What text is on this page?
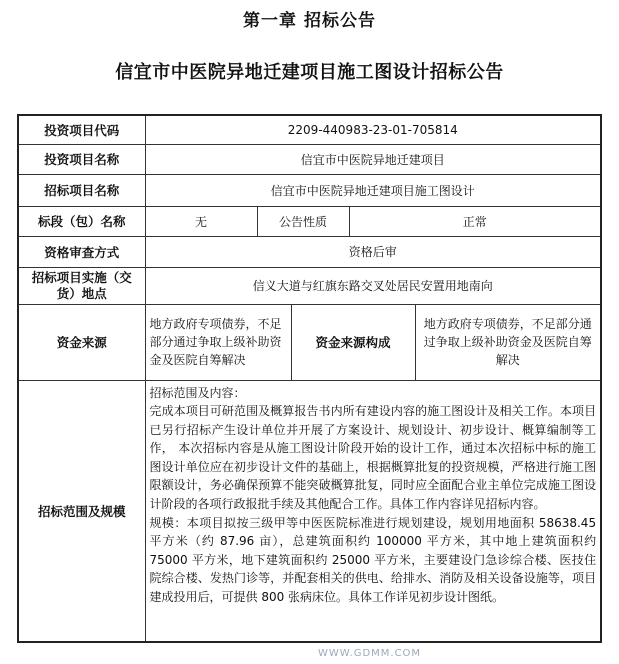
第一章 招标公告
信宜市中医院异地迁建项目施工图设计招标公告
投资项目代码	2209-440983-23-01-705814				
投资项目名称	信宜市中医院异地迁建项目				
招标项目名称	信宜市中医院异地迁建项目施工图设计				
标段（包）名称	无	公告性质		正常	
资格审查方式	资格后审				
招标项目实施（交货）地点	信义大道与红旗东路交叉处居民安置用地南向				
资金来源	地方政府专项债券，不足部分通过争取上级补助资金及医院自筹解决		资金来源构成		地方政府专项债券，不足部分通过争取上级补助资金及医院自筹解决
招标范围及规模	招标范围及内容：
完成本项目可研范围及概算报告书内所有建设内容的施工图设计及相关工作。本项目已另行招标产生设计单位并开展了方案设计、规划设计、初步设计、概算编制等工作， 本次招标内容是从施工图设计阶段开始的设计工作，通过本次招标中标的施工图设计单位应在初步设计文件的基础上，根据概算批复的投资规模，严格进行施工图限额设计，务必确保预算不能突破概算批复，同时应全面配合业主单位完成施工图设计阶段的各项行政报批手续及其他配合工作。具体工作内容详见招标内容。
规模：本项目拟按三级甲等中医医院标准进行规划建设，规划用地面积 58638.45 平方米（约 87.96 亩），总建筑面积约 100000 平方米，其中地上建筑面积约 75000 平方米，地下建筑面积约 25000 平方米，主要建设门急诊综合楼、医技住院综合楼、发热门诊等，并配套相关的供电、给排水、消防及相关设备设施等，项目建成投用后，可提供 800 张病床位。具体工作详见初步设计图纸。				
WWW.GDMM.COM
